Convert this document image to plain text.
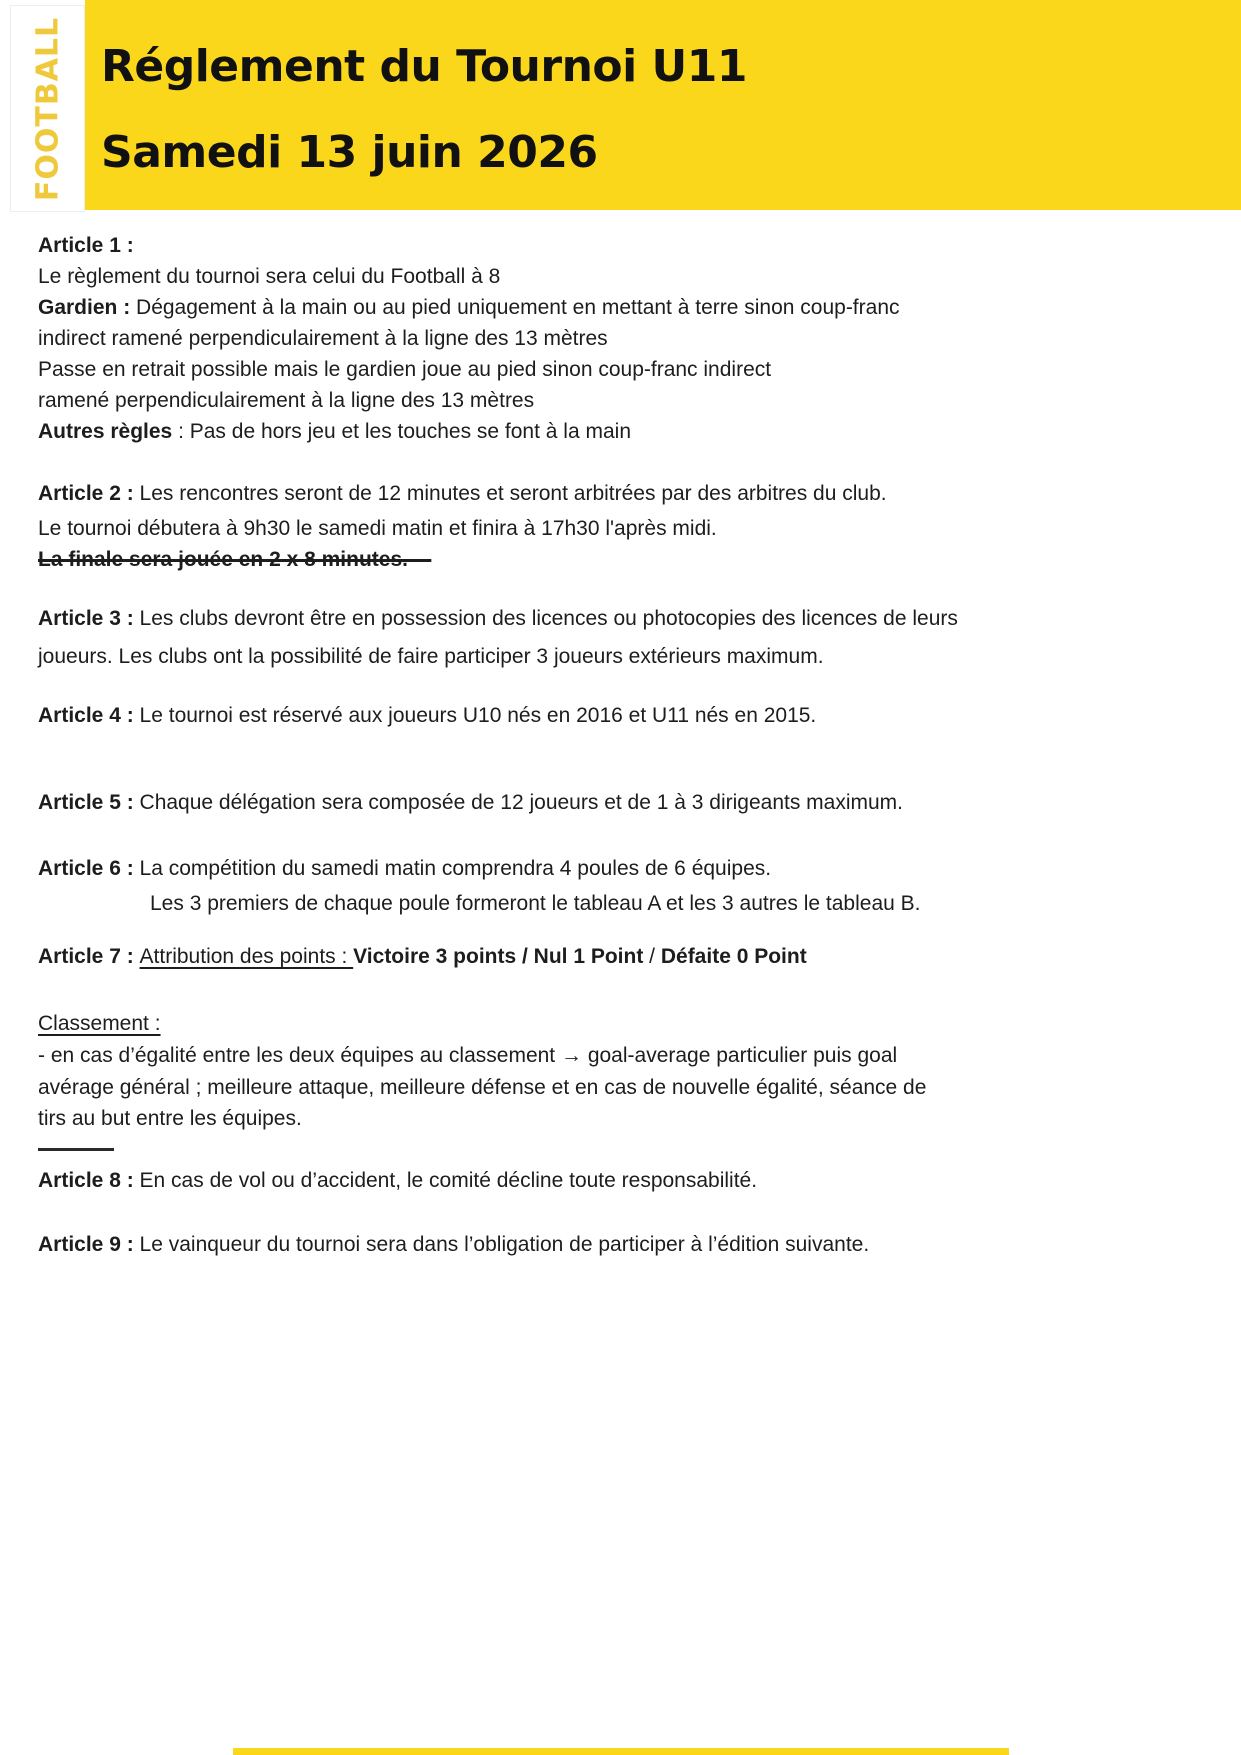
FOOTBALL Réglement du Tournoi U11
Samedi 13 juin 2026
Article 1 :
Le règlement du tournoi sera celui du Football à 8
Gardien : Dégagement à la main ou au pied uniquement en mettant à terre sinon coup-franc
indirect ramené perpendiculairement à la ligne des 13 mètres
Passe en retrait possible mais le gardien joue au pied sinon coup-franc indirect
ramené perpendiculairement à la ligne des 13 mètres
Autres règles : Pas de hors jeu et les touches se font à la main
Article 2 : Les rencontres seront de 12 minutes et seront arbitrées par des arbitres du club.
Le tournoi débutera à 9h30 le samedi matin et finira à 17h30 l'après midi.
La finale sera jouée en 2 x 8 minutes.
Article 3 : Les clubs devront être en possession des licences ou photocopies des licences de leurs
joueurs. Les clubs ont la possibilité de faire participer 3 joueurs extérieurs maximum.
Article 4 : Le tournoi est réservé aux joueurs U10 nés en 2016 et U11 nés en 2015.
Article 5 : Chaque délégation sera composée de 12 joueurs et de 1 à 3 dirigeants maximum.
Article 6 : La compétition du samedi matin comprendra 4 poules de 6 équipes.
Les 3 premiers de chaque poule formeront le tableau A et les 3 autres le tableau B.
Article 7 : Attribution des points : Victoire 3 points / Nul 1 Point / Défaite 0 Point
Classement :
- en cas d’égalité entre les deux équipes au classement → goal-average particulier puis goal
avérage général ; meilleure attaque, meilleure défense et en cas de nouvelle égalité, séance de
tirs au but entre les équipes.
Article 8 : En cas de vol ou d’accident, le comité décline toute responsabilité.
Article 9 : Le vainqueur du tournoi sera dans l’obligation de participer à l’édition suivante.
